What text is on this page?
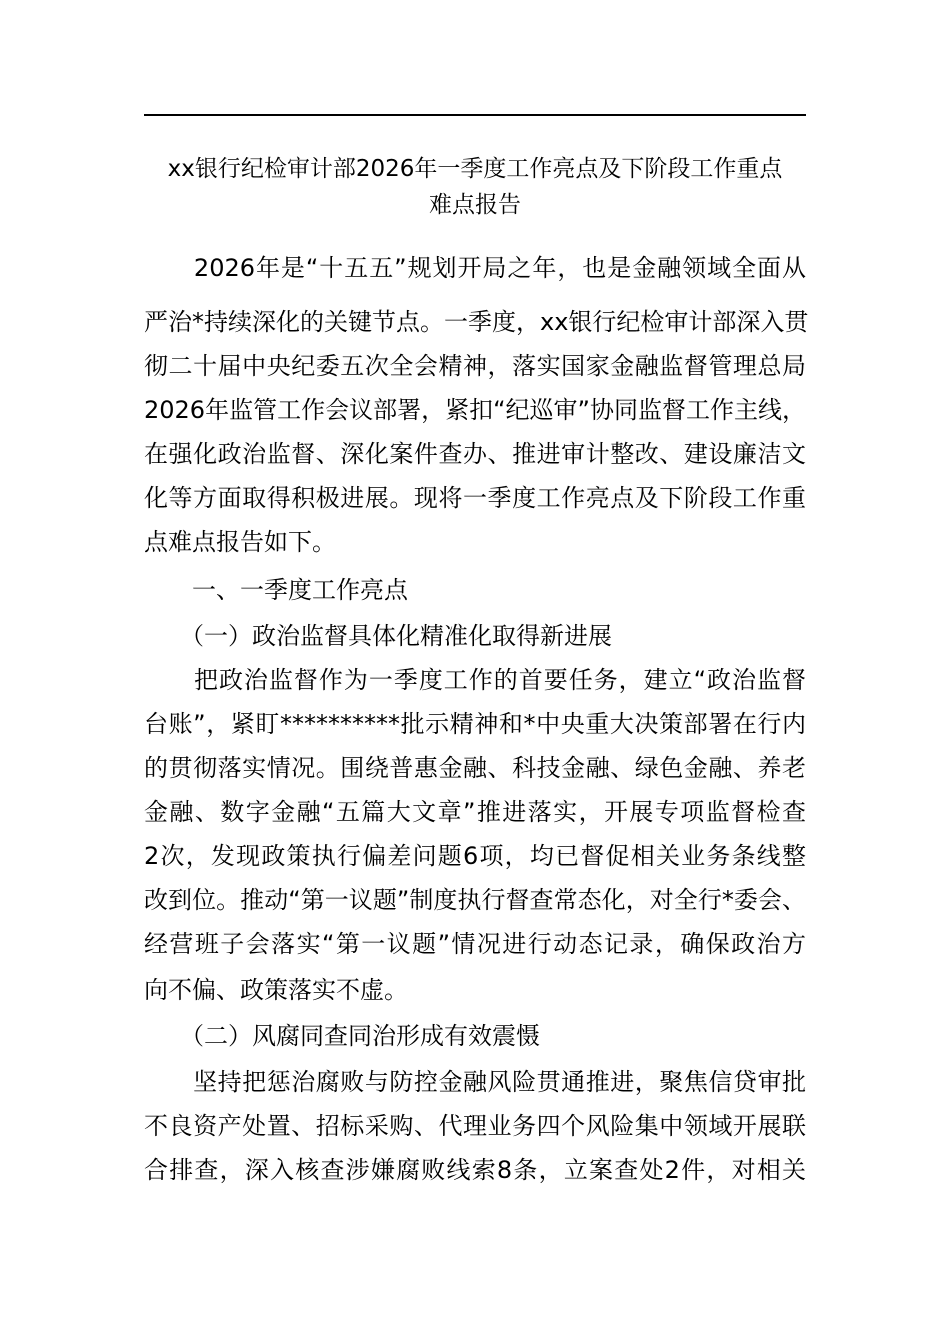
xx银行纪检审计部2026年一季度工作亮点及下阶段工作重点
难点报告
　　2026年是“十五五”规划开局之年，也是金融领域全面从
严治*持续深化的关键节点。一季度，xx银行纪检审计部深入贯
彻二十届中央纪委五次全会精神，落实国家金融监督管理总局
2026年监管工作会议部署，紧扣“纪巡审”协同监督工作主线，
在强化政治监督、深化案件查办、推进审计整改、建设廉洁文
化等方面取得积极进展。现将一季度工作亮点及下阶段工作重
点难点报告如下。
　　一、一季度工作亮点
　　（一）政治监督具体化精准化取得新进展
　　把政治监督作为一季度工作的首要任务，建立“政治监督
台账”，紧盯**********批示精神和*中央重大决策部署在行内
的贯彻落实情况。围绕普惠金融、科技金融、绿色金融、养老
金融、数字金融“五篇大文章”推进落实，开展专项监督检查
2次，发现政策执行偏差问题6项，均已督促相关业务条线整
改到位。推动“第一议题”制度执行督查常态化，对全行*委会、
经营班子会落实“第一议题”情况进行动态记录，确保政治方
向不偏、政策落实不虚。
　　（二）风腐同查同治形成有效震慑
　　坚持把惩治腐败与防控金融风险贯通推进，聚焦信贷审批
不良资产处置、招标采购、代理业务四个风险集中领域开展联
合排查，深入核查涉嫌腐败线索8条，立案查处2件，对相关
